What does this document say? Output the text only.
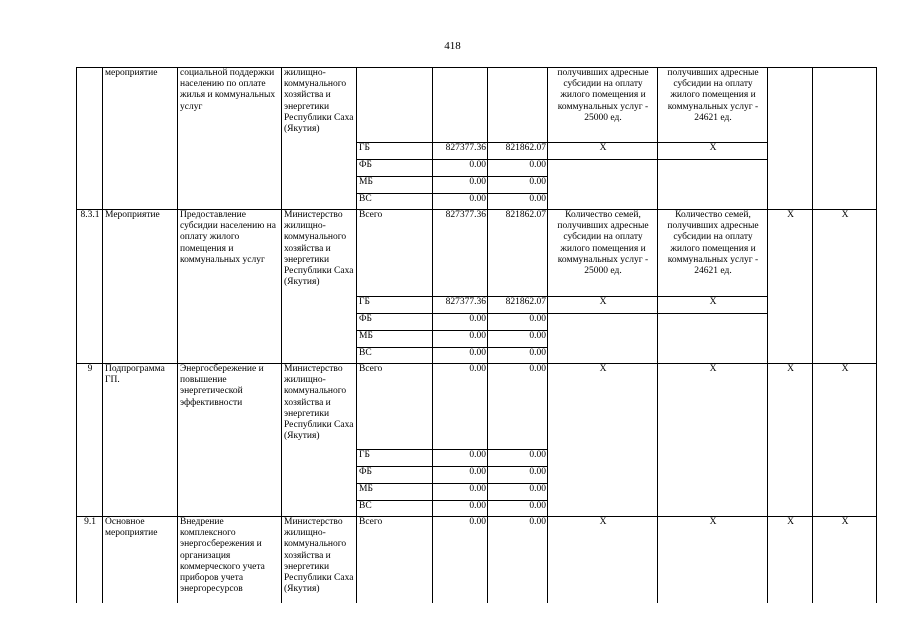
418
	мероприятие	социальной поддержки населению по оплате жилья и коммунальных услуг	жилищно-коммунального хозяйства и энергетики Республики Саха (Якутия)				получивших адресные субсидии на оплату жилого помещения и коммунальных услуг - 25000 ед.	получивших адресные субсидии на оплату жилого помещения и коммунальных услуг - 24621 ед.		
				ГБ	827377.36	821862.07	Х	Х		
				ФБ	0.00	0.00				
				МБ	0.00	0.00				
				ВС	0.00	0.00				
8.3.1	Мероприятие	Предоставление субсидии населению на оплату жилого помещения и коммунальных услуг	Министерство жилищно-коммунального хозяйства и энергетики Республики Саха (Якутия)	Всего	827377.36	821862.07	Количество семей, получивших адресные субсидии на оплату жилого помещения и коммунальных услуг - 25000 ед.	Количество семей, получивших адресные субсидии на оплату жилого помещения и коммунальных услуг - 24621 ед.	Х	Х
				ГБ	827377.36	821862.07	Х	Х		
				ФБ	0.00	0.00				
				МБ	0.00	0.00				
				ВС	0.00	0.00				
9	Подпрограмма ГП.	Энергосбережение и повышение энергетической эффективности	Министерство жилищно-коммунального хозяйства и энергетики Республики Саха (Якутия)	Всего	0.00	0.00	Х	Х	Х	Х
				ГБ	0.00	0.00				
				ФБ	0.00	0.00				
				МБ	0.00	0.00				
				ВС	0.00	0.00				
9.1	Основное мероприятие	Внедрение комплексного энергосбережения и организация коммерческого учета приборов учета энергоресурсов	Министерство жилищно-коммунального хозяйства и энергетики Республики Саха (Якутия)	Всего	0.00	0.00	Х	Х	Х	Х
